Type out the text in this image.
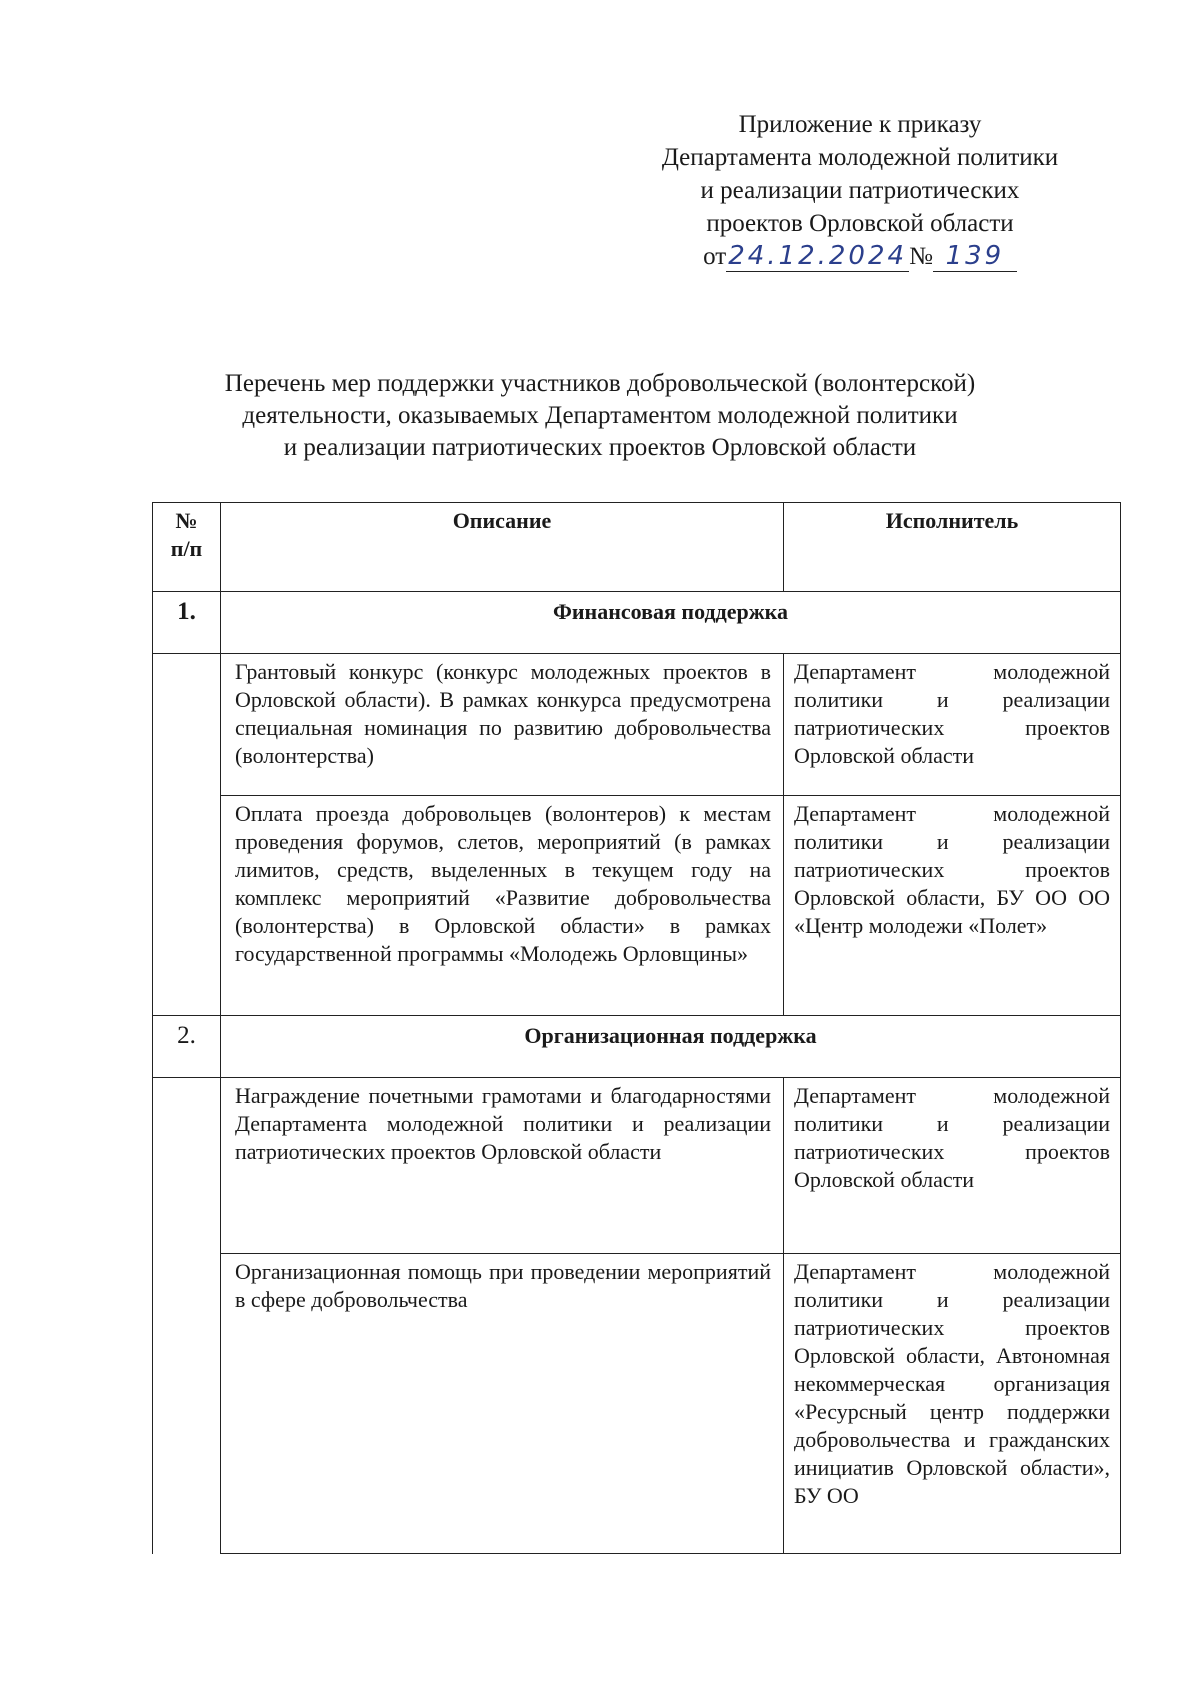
Приложение к приказу
Департамента молодежной политики
и реализации патриотических
проектов Орловской области
от24.12.2024№ 139
Перечень мер поддержки участников добровольческой (волонтерской)
деятельности, оказываемых Департаментом молодежной политики
и реализации патриотических проектов Орловской области
№ п/п	Описание	Исполнитель
1.	Финансовая поддержка	
	Грантовый конкурс (конкурс молодежных проектов в Орловской области). В рамках конкурса предусмотрена специальная номинация по развитию добровольчества (волонтерства)	Департамент молодежной политики и реализации патриотических проектов Орловской области
	Оплата проезда добровольцев (волонтеров) к местам проведения форумов, слетов, мероприятий (в рамках лимитов, средств, выделенных в текущем году на комплекс мероприятий «Развитие добровольчества (волонтерства) в Орловской области» в рамках государственной программы «Молодежь Орловщины»	Департамент молодежной политики и реализации патриотических проектов Орловской области, БУ ОО ОО «Центр молодежи «Полет»
2.	Организационная поддержка	
	Награждение почетными грамотами и благодарностями Департамента молодежной политики и реализации патриотических проектов Орловской области	Департамент молодежной политики и реализации патриотических проектов Орловской области
	Организационная помощь при проведении мероприятий в сфере добровольчества	Департамент молодежной политики и реализации патриотических проектов Орловской области, Автономная некоммерческая организация «Ресурсный центр поддержки добровольчества и гражданских инициатив Орловской области», БУ ОО
